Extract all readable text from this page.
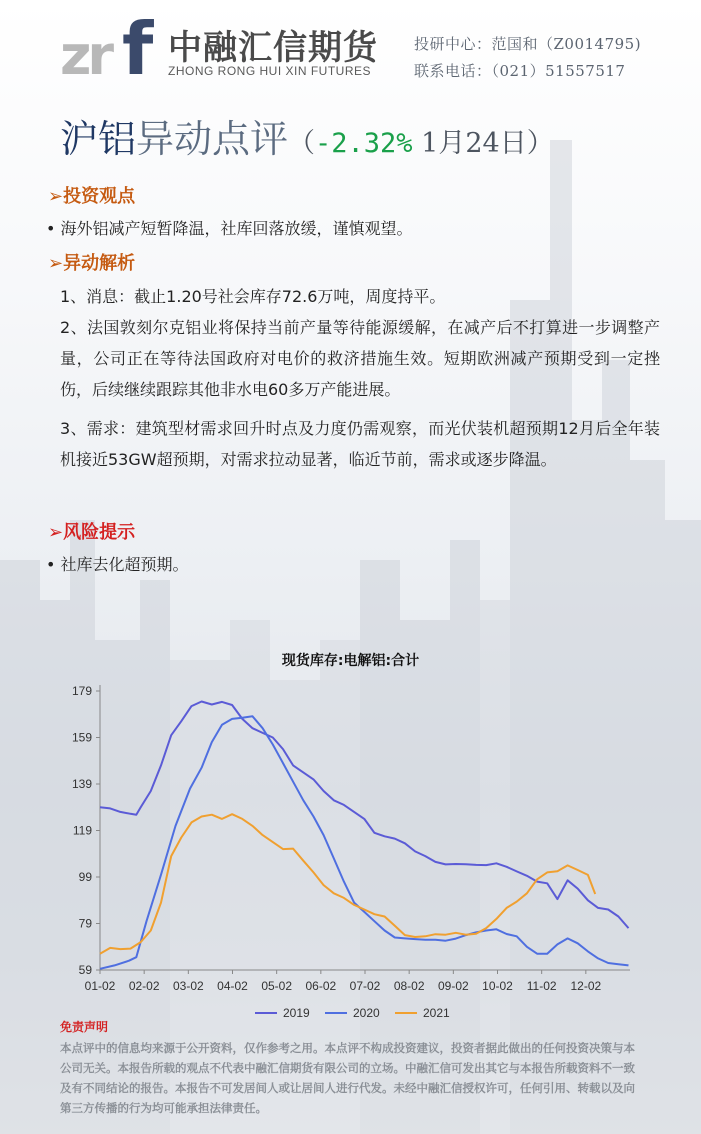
zr f 中融汇信期货
ZHONG RONG HUI XIN FUTURES
投研中心：范国和（Z0014795)
联系电话：（021）51557517
沪铝异动点评（-2.32% 1月24日）
➢投资观点
• 海外铝减产短暂降温，社库回落放缓，谨慎观望。
➢异动解析
1、消息：截止1.20号社会库存72.6万吨，周度持平。
2、法国敦刻尔克铝业将保持当前产量等待能源缓解，在减产后不打算进一步调整产量，公司正在等待法国政府对电价的救济措施生效。短期欧洲减产预期受到一定挫伤，后续继续跟踪其他非水电60多万产能进展。
3、需求：建筑型材需求回升时点及力度仍需观察，而光伏装机超预期12月后全年装机接近53GW超预期，对需求拉动显著，临近节前，需求或逐步降温。
➢风险提示
• 社库去化超预期。
现货库存:电解铝:合计
59
79
99
119
139
159
179
01-02 02-02 03-02 04-02 05-02 06-02 07-02 08-02 09-02 10-02 11-02 12-02
2019	2020	2021
免责声明
本点评中的信息均来源于公开资料，仅作参考之用。本点评不构成投资建议，投资者据此做出的任何投资决策与本公司无关。本报告所载的观点不代表中融汇信期货有限公司的立场。中融汇信可发出其它与本报告所载资料不一致及有不同结论的报告。本报告不可发居间人或让居间人进行代发。未经中融汇信授权许可，任何引用、转载以及向第三方传播的行为均可能承担法律责任。
